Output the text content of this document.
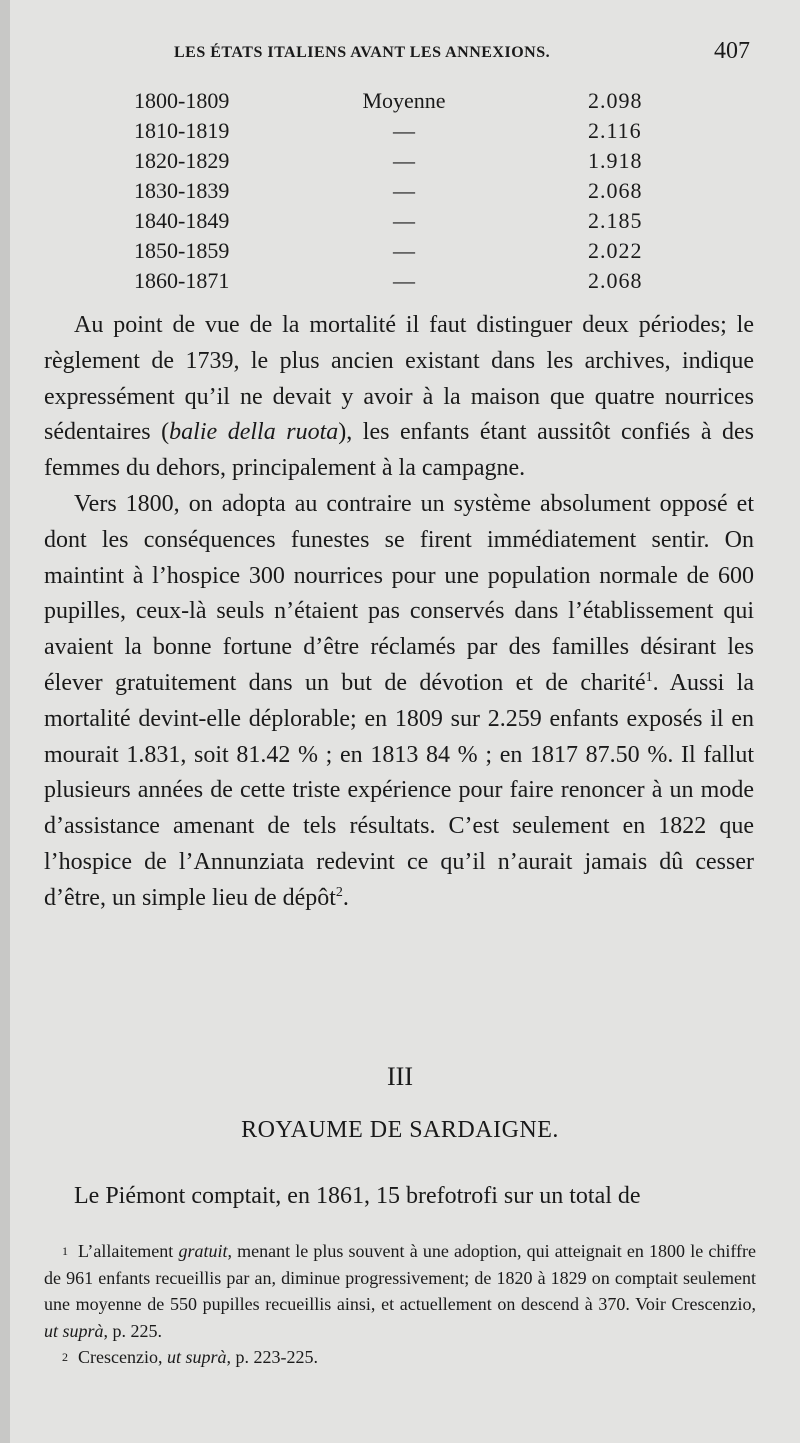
LES ÉTATS ITALIENS AVANT LES ANNEXIONS.	407
1800-1809	Moyenne	2.098
1810-1819	—	2.116
1820-1829	—	1.918
1830-1839	—	2.068
1840-1849	—	2.185
1850-1859	—	2.022
1860-1871	—	2.068

Au point de vue de la mortalité il faut distinguer deux périodes; le règlement de 1739, le plus ancien existant dans les archives, indique expressément qu’il ne devait y avoir à la maison que quatre nourrices sédentaires (balie della ruota), les enfants étant aussitôt confiés à des femmes du dehors, principalement à la campagne.

Vers 1800, on adopta au contraire un système absolument opposé et dont les conséquences funestes se firent immédiatement sentir. On maintint à l’hospice 300 nourrices pour une population normale de 600 pupilles, ceux-là seuls n’étaient pas conservés dans l’établissement qui avaient la bonne fortune d’être réclamés par des familles désirant les élever gratuitement dans un but de dévotion et de charité$^1$. Aussi la mortalité devint-elle déplorable; en 1809 sur 2.259 enfants exposés il en mourait 1.831, soit 81.42 % ; en 1813 84 % ; en 1817 87.50 %. Il fallut plusieurs années de cette triste expérience pour faire renoncer à un mode d’assistance amenant de tels résultats. C’est seulement en 1822 que l’hospice de l’Annunziata redevint ce qu’il n’aurait jamais dû cesser d’être, un simple lieu de dépôt$^2$.

III
ROYAUME DE SARDAIGNE.

Le Piémont comptait, en 1861, 15 brefotrofi sur un total de

$^1$ L’allaitement gratuit, menant le plus souvent à une adoption, qui atteignait en 1800 le chiffre de 961 enfants recueillis par an, diminue progressivement; de 1820 à 1829 on comptait seulement une moyenne de 550 pupilles recueillis ainsi, et actuellement on descend à 370. Voir Crescenzio, ut suprà, p. 225.

$^2$ Crescenzio, ut suprà, p. 223-225.
